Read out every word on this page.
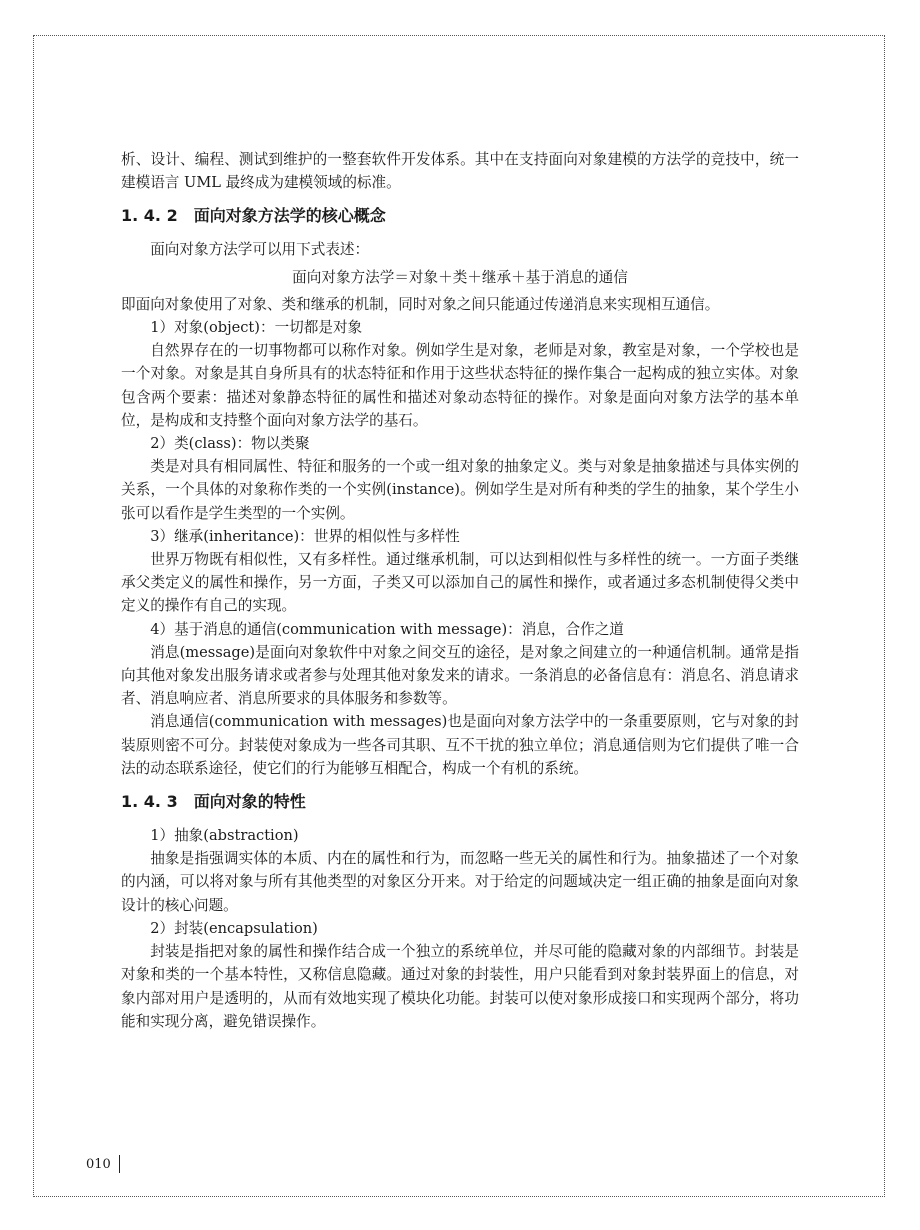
析、设计、编程、测试到维护的一整套软件开发体系。其中在支持面向对象建模的方法学的竞技中，统一建模语言 UML 最终成为建模领域的标准。

1. 4. 2 面向对象方法学的核心概念

面向对象方法学可以用下式表述：

面向对象方法学＝对象＋类＋继承＋基于消息的通信

即面向对象使用了对象、类和继承的机制，同时对象之间只能通过传递消息来实现相互通信。

1）对象(object)：一切都是对象

自然界存在的一切事物都可以称作对象。例如学生是对象，老师是对象，教室是对象，一个学校也是一个对象。对象是其自身所具有的状态特征和作用于这些状态特征的操作集合一起构成的独立实体。对象包含两个要素：描述对象静态特征的属性和描述对象动态特征的操作。对象是面向对象方法学的基本单位，是构成和支持整个面向对象方法学的基石。

2）类(class)：物以类聚

类是对具有相同属性、特征和服务的一个或一组对象的抽象定义。类与对象是抽象描述与具体实例的关系，一个具体的对象称作类的一个实例(instance)。例如学生是对所有种类的学生的抽象，某个学生小张可以看作是学生类型的一个实例。

3）继承(inheritance)：世界的相似性与多样性

世界万物既有相似性，又有多样性。通过继承机制，可以达到相似性与多样性的统一。一方面子类继承父类定义的属性和操作，另一方面，子类又可以添加自己的属性和操作，或者通过多态机制使得父类中定义的操作有自己的实现。

4）基于消息的通信(communication with message)：消息，合作之道

消息(message)是面向对象软件中对象之间交互的途径，是对象之间建立的一种通信机制。通常是指向其他对象发出服务请求或者参与处理其他对象发来的请求。一条消息的必备信息有：消息名、消息请求者、消息响应者、消息所要求的具体服务和参数等。

消息通信(communication with messages)也是面向对象方法学中的一条重要原则，它与对象的封装原则密不可分。封装使对象成为一些各司其职、互不干扰的独立单位；消息通信则为它们提供了唯一合法的动态联系途径，使它们的行为能够互相配合，构成一个有机的系统。

1. 4. 3 面向对象的特性

1）抽象(abstraction)

抽象是指强调实体的本质、内在的属性和行为，而忽略一些无关的属性和行为。抽象描述了一个对象的内涵，可以将对象与所有其他类型的对象区分开来。对于给定的问题域决定一组正确的抽象是面向对象设计的核心问题。

2）封装(encapsulation)

封装是指把对象的属性和操作结合成一个独立的系统单位，并尽可能的隐藏对象的内部细节。封装是对象和类的一个基本特性，又称信息隐藏。通过对象的封装性，用户只能看到对象封装界面上的信息，对象内部对用户是透明的，从而有效地实现了模块化功能。封装可以使对象形成接口和实现两个部分，将功能和实现分离，避免错误操作。

010
